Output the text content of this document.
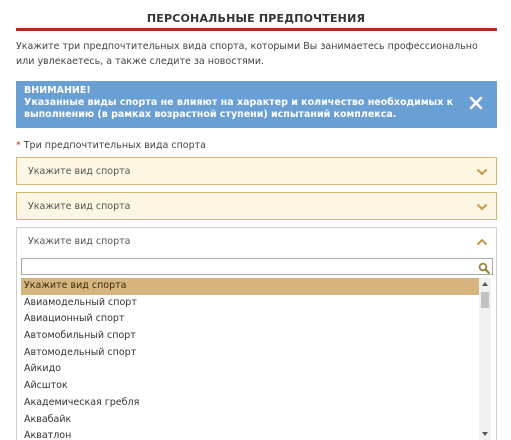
ПЕРСОНАЛЬНЫЕ ПРЕДПОЧТЕНИЯ
Укажите три предпочтительных вида спорта, которыми Вы занимаетесь профессионально или увлекаетесь, а также следите за новостями.
ВНИМАНИЕ!
Указанные виды спорта не влияют на характер и количество необходимых к выполнению (в рамках возрастной ступени) испытаний комплекса.
* Три предпочтительных вида спорта
Укажите вид спорта
Укажите вид спорта
Укажите вид спорта
Укажите вид спорта
Авиамодельный спорт
Авиационный спорт
Автомобильный спорт
Автомодельный спорт
Айкидо
Айсшток
Академическая гребля
Аквабайк
Акватлон
